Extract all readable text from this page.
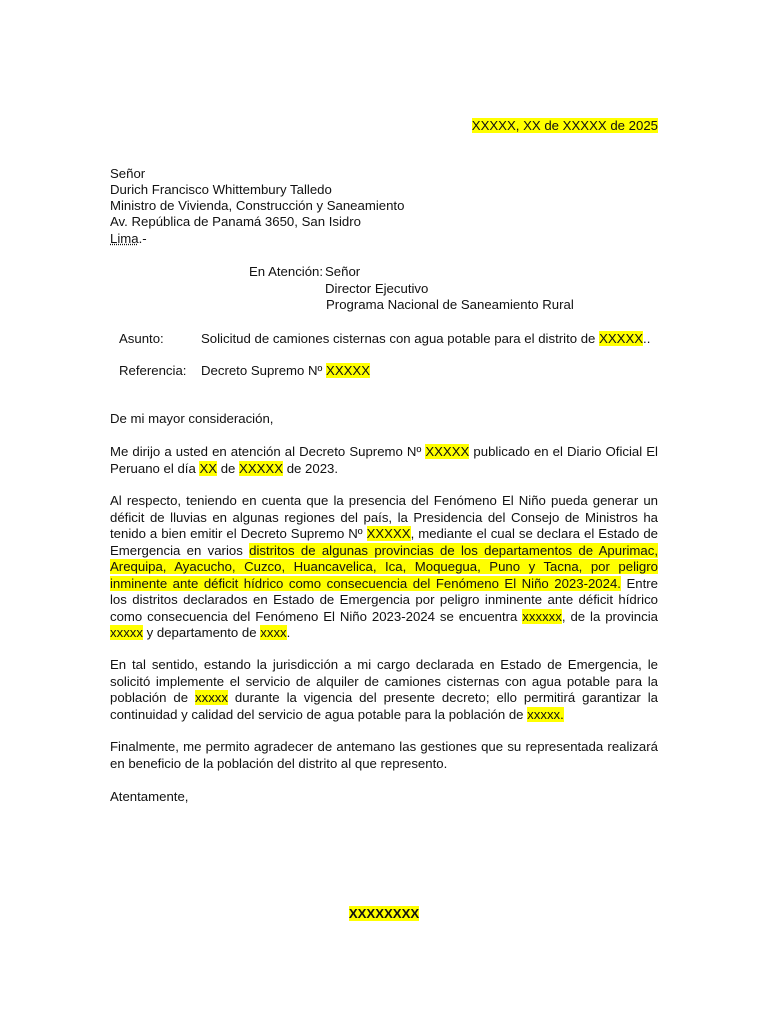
XXXXX, XX de XXXXX de 2025
Señor
Durich Francisco Whittembury Talledo
Ministro de Vivienda, Construcción y Saneamiento
Av. República de Panamá 3650, San Isidro
Lima.-
En Atención: Señor
Director Ejecutivo
Programa Nacional de Saneamiento Rural
Asunto:	Solicitud de camiones cisternas con agua potable para el distrito de XXXXX..
Referencia: Decreto Supremo Nº XXXXX
De mi mayor consideración,
Me dirijo a usted en atención al Decreto Supremo Nº XXXXX publicado en el Diario Oficial El Peruano el día XX de XXXXX de 2023.
Al respecto, teniendo en cuenta que la presencia del Fenómeno El Niño pueda generar un déficit de lluvias en algunas regiones del país, la Presidencia del Consejo de Ministros ha tenido a bien emitir el Decreto Supremo Nº XXXXX, mediante el cual se declara el Estado de Emergencia en varios distritos de algunas provincias de los departamentos de Apurimac, Arequipa, Ayacucho, Cuzco, Huancavelica, Ica, Moquegua, Puno y Tacna, por peligro inminente ante déficit hídrico como consecuencia del Fenómeno El Niño 2023-2024. Entre los distritos declarados en Estado de Emergencia por peligro inminente ante déficit hídrico como consecuencia del Fenómeno El Niño 2023-2024 se encuentra xxxxxx, de la provincia xxxxx y departamento de xxxx.
En tal sentido, estando la jurisdicción a mi cargo declarada en Estado de Emergencia, le solicitó implemente el servicio de alquiler de camiones cisternas con agua potable para la población de xxxxx durante la vigencia del presente decreto; ello permitirá garantizar la continuidad y calidad del servicio de agua potable para la población de xxxxx.
Finalmente, me permito agradecer de antemano las gestiones que su representada realizará en beneficio de la población del distrito al que represento.
Atentamente,
XXXXXXXX
